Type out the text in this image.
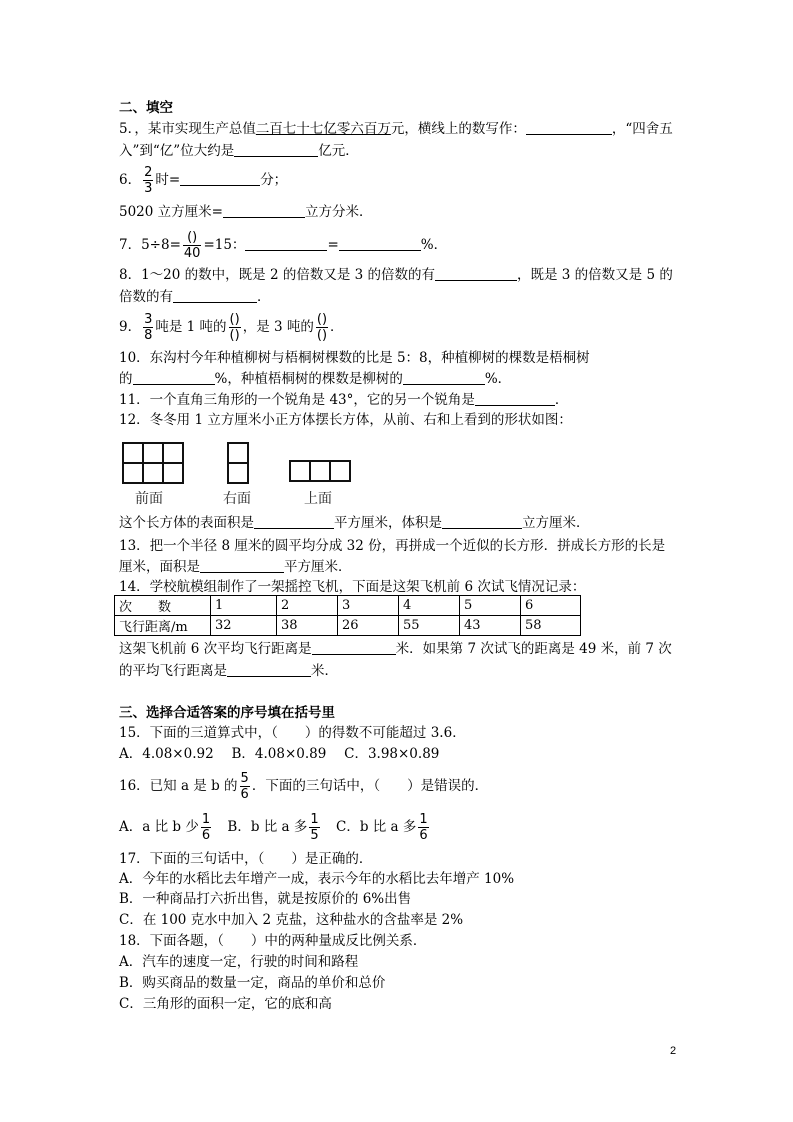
二、填空
5．，某市实现生产总值二百七十七亿零六百万元，横线上的数写作：	，“四舍五
入”到“亿”位大约是	亿元．
6． $\frac{2}{3}$ 时=	分；
5020 立方厘米=	立方分米．
7．$5\div 8= \frac{()}{40} =15$：	=	%．
8．1～20 的数中，既是 2 的倍数又是 3 的倍数的有	，既是 3 的倍数又是 5 的
倍数的有	．
9． $\frac{3}{8}$ 吨是 1 吨的 $\frac{()}{()}$ ，是 3 吨的 $\frac{()}{()}$ ．
10．东沟村今年种植柳树与梧桐树棵数的比是 5：8，种植柳树的棵数是梧桐树
的	%，种植梧桐树的棵数是柳树的	%．
11．一个直角三角形的一个锐角是 43°，它的另一个锐角是	．
12．冬冬用 1 立方厘米小正方体摆长方体，从前、右和上看到的形状如图：
前面	右面	上面
这个长方体的表面积是	平方厘米，体积是	立方厘米．
13．把一个半径 8 厘米的圆平均分成 32 份，再拼成一个近似的长方形．拼成长方形的长是
厘米，面积是	平方厘米．
14．学校航模组制作了一架摇控飞机，下面是这架飞机前 6 次试飞情况记录：
次　　数	1	2	3	4	5	6
飞行距离/m	32	38	26	55	43	58
这架飞机前 6 次平均飞行距离是	米．如果第 7 次试飞的距离是 49 米，前 7 次
的平均飞行距离是	米．
三、选择合适答案的序号填在括号里
15．下面的三道算式中，（　　）的得数不可能超过 3.6．
A．4.08×0.92　 B．4.08×0.89　 C．3.98×0.89
16．已知 a 是 b 的 $\frac{5}{6}$ ．下面的三句话中，（　　）是错误的．
A．a 比 b 少 $\frac{1}{6}$ B．b 比 a 多 $\frac{1}{5}$ C．b 比 a 多 $\frac{1}{6}$
17．下面的三句话中，（　　）是正确的．
A．今年的水稻比去年增产一成，表示今年的水稻比去年增产 10%
B．一种商品打六折出售，就是按原价的 6%出售
C．在 100 克水中加入 2 克盐，这种盐水的含盐率是 2%
18．下面各题，（　　）中的两种量成反比例关系．
A．汽车的速度一定，行驶的时间和路程
B．购买商品的数量一定，商品的单价和总价
C．三角形的面积一定，它的底和高
2
